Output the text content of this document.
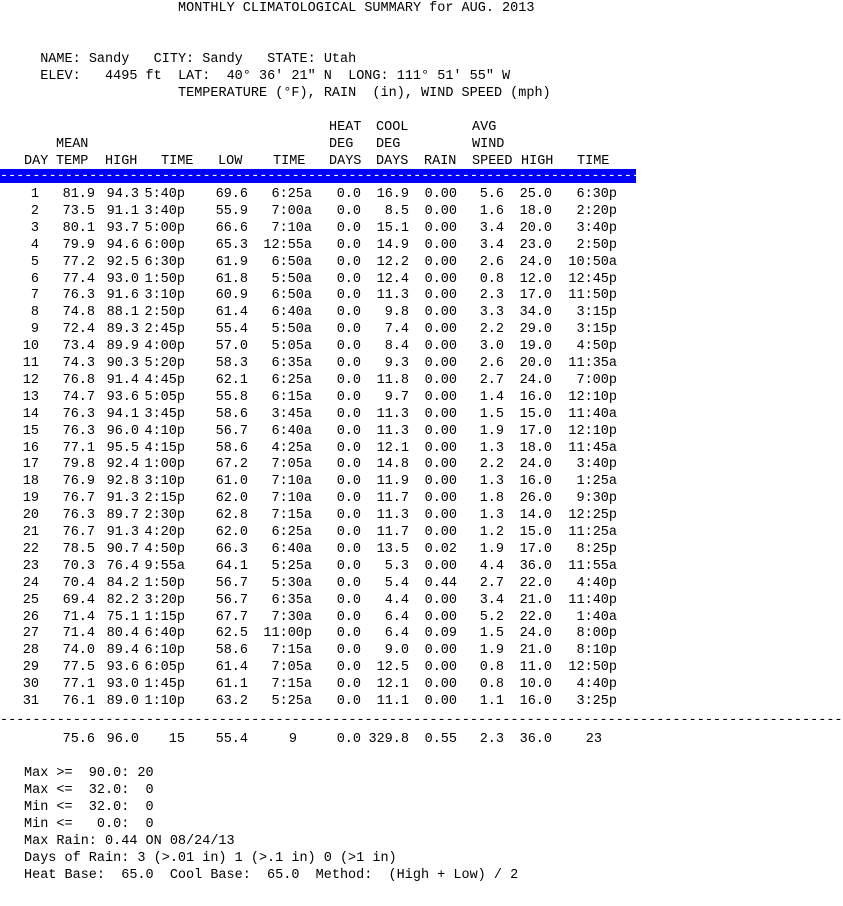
MONTHLY CLIMATOLOGICAL SUMMARY for AUG. 2013

NAME: Sandy CITY: Sandy STATE: Utah

ELEV: 4495 ft LAT: 40° 36' 21" N LONG: 111° 51' 55" W

TEMPERATURE (°F), RAIN  (in), WIND SPEED (mph)
HEAT COOL	AVG
MEAN	DEG DEG	WIND
DAY TEMP HIGH TIME LOW TIME DAYS DAYS RAIN SPEED HIGH TIME
--------------------------------------------------------------------------------------------------------
1 81.9 94.3 5:40p 69.6 6:25a 0.0 16.9 0.00 5.6 25.0 6:30p
2 73.5 91.1 3:40p 55.9 7:00a 0.0 8.5 0.00 1.6 18.0 2:20p
3 80.1 93.7 5:00p 66.6 7:10a 0.0 15.1 0.00 3.4 20.0 3:40p
4 79.9 94.6 6:00p 65.3 12:55a 0.0 14.9 0.00 3.4 23.0 2:50p
5 77.2 92.5 6:30p 61.9 6:50a 0.0 12.2 0.00 2.6 24.0 10:50a
6 77.4 93.0 1:50p 61.8 5:50a 0.0 12.4 0.00 0.8 12.0 12:45p
7 76.3 91.6 3:10p 60.9 6:50a 0.0 11.3 0.00 2.3 17.0 11:50p
8 74.8 88.1 2:50p 61.4 6:40a 0.0 9.8 0.00 3.3 34.0 3:15p
9 72.4 89.3 2:45p 55.4 5:50a 0.0 7.4 0.00 2.2 29.0 3:15p
10 73.4 89.9 4:00p 57.0 5:05a 0.0 8.4 0.00 3.0 19.0 4:50p
11 74.3 90.3 5:20p 58.3 6:35a 0.0 9.3 0.00 2.6 20.0 11:35a
12 76.8 91.4 4:45p 62.1 6:25a 0.0 11.8 0.00 2.7 24.0 7:00p
13 74.7 93.6 5:05p 55.8 6:15a 0.0 9.7 0.00 1.4 16.0 12:10p
14 76.3 94.1 3:45p 58.6 3:45a 0.0 11.3 0.00 1.5 15.0 11:40a
15 76.3 96.0 4:10p 56.7 6:40a 0.0 11.3 0.00 1.9 17.0 12:10p
16 77.1 95.5 4:15p 58.6 4:25a 0.0 12.1 0.00 1.3 18.0 11:45a
17 79.8 92.4 1:00p 67.2 7:05a 0.0 14.8 0.00 2.2 24.0 3:40p
18 76.9 92.8 3:10p 61.0 7:10a 0.0 11.9 0.00 1.3 16.0 1:25a
19 76.7 91.3 2:15p 62.0 7:10a 0.0 11.7 0.00 1.8 26.0 9:30p
20 76.3 89.7 2:30p 62.8 7:15a 0.0 11.3 0.00 1.3 14.0 12:25p
21 76.7 91.3 4:20p 62.0 6:25a 0.0 11.7 0.00 1.2 15.0 11:25a
22 78.5 90.7 4:50p 66.3 6:40a 0.0 13.5 0.02 1.9 17.0 8:25p
23 70.3 76.4 9:55a 64.1 5:25a 0.0 5.3 0.00 4.4 36.0 11:55a
24 70.4 84.2 1:50p 56.7 5:30a 0.0 5.4 0.44 2.7 22.0 4:40p
25 69.4 82.2 3:20p 56.7 6:35a 0.0 4.4 0.00 3.4 21.0 11:40p
26 71.4 75.1 1:15p 67.7 7:30a 0.0 6.4 0.00 5.2 22.0 1:40a
27 71.4 80.4 6:40p 62.5 11:00p 0.0 6.4 0.09 1.5 24.0 8:00p
28 74.0 89.4 6:10p 58.6 7:15a 0.0 9.0 0.00 1.9 21.0 8:10p
29 77.5 93.6 6:05p 61.4 7:05a 0.0 12.5 0.00 0.8 11.0 12:50p
30 77.1 93.0 1:45p 61.1 7:15a 0.0 12.1 0.00 0.8 10.0 4:40p
31 76.1 89.0 1:10p 63.2 5:25a 0.0 11.1 0.00 1.1 16.0 3:25p
--------------------------------------------------------------------------------------------------------
75.6 96.0 15 55.4	9	0.0 329.8 0.55 2.3 36.0	23
Max >=  90.0: 20
Max <=  32.0:  0
Min <=  32.0:  0
Min <=   0.0:  0
Max Rain: 0.44 ON 08/24/13
Days of Rain: 3 (>.01 in) 1 (>.1 in) 0 (>1 in)
Heat Base:  65.0  Cool Base:  65.0  Method:  (High + Low) / 2
